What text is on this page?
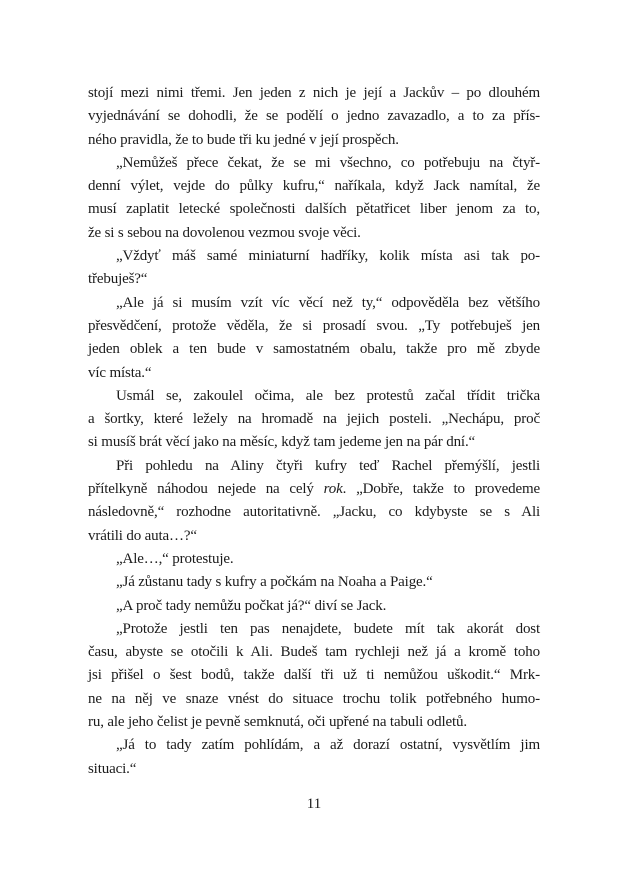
stojí mezi nimi třemi. Jen jeden z nich je její a Jackův – po dlouhém
vyjednávání se dohodli, že se podělí o jedno zavazadlo, a to za přís-
ného pravidla, že to bude tři ku jedné v její prospěch.
„Nemůžeš přece čekat, že se mi všechno, co potřebuju na čtyř-
denní výlet, vejde do půlky kufru,“ naříkala, když Jack namítal, že
musí zaplatit letecké společnosti dalších pětatřicet liber jenom za to,
že si s sebou na dovolenou vezmou svoje věci.
„Vždyť máš samé miniaturní hadříky, kolik místa asi tak po-
třebuješ?“
„Ale já si musím vzít víc věcí než ty,“ odpověděla bez většího
přesvědčení, protože věděla, že si prosadí svou. „Ty potřebuješ jen
jeden oblek a ten bude v samostatném obalu, takže pro mě zbyde
víc místa.“
Usmál se, zakoulel očima, ale bez protestů začal třídit trička
a šortky, které ležely na hromadě na jejich posteli. „Nechápu, proč
si musíš brát věcí jako na měsíc, když tam jedeme jen na pár dní.“
Při pohledu na Aliny čtyři kufry teď Rachel přemýšlí, jestli
přítelkyně náhodou nejede na celý rok. „Dobře, takže to provedeme
následovně,“ rozhodne autoritativně. „Jacku, co kdybyste se s Ali
vrátili do auta…?“
„Ale…,“ protestuje.
„Já zůstanu tady s kufry a počkám na Noaha a Paige.“
„A proč tady nemůžu počkat já?“ diví se Jack.
„Protože jestli ten pas nenajdete, budete mít tak akorát dost
času, abyste se otočili k Ali. Budeš tam rychleji než já a kromě toho
jsi přišel o šest bodů, takže další tři už ti nemůžou uškodit.“ Mrk-
ne na něj ve snaze vnést do situace trochu tolik potřebného humo-
ru, ale jeho čelist je pevně semknutá, oči upřené na tabuli odletů.
„Já to tady zatím pohlídám, a až dorazí ostatní, vysvětlím jim
situaci.“
11
